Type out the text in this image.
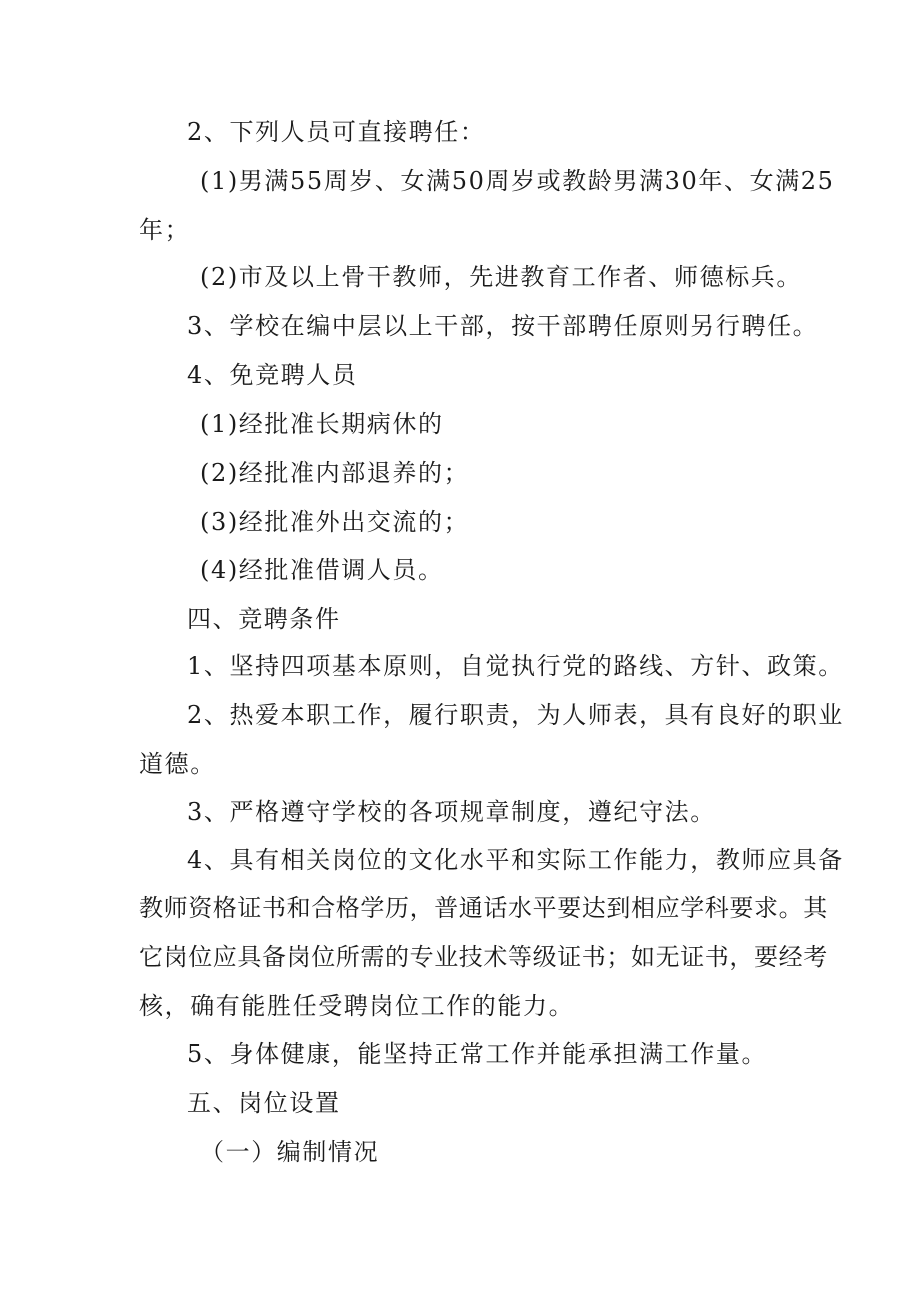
2、下列人员可直接聘任：
(1)男满55周岁、女满50周岁或教龄男满30年、女满25
年；
(2)市及以上骨干教师，先进教育工作者、师德标兵。
3、学校在编中层以上干部，按干部聘任原则另行聘任。
4、免竞聘人员
(1)经批准长期病休的
(2)经批准内部退养的；
(3)经批准外出交流的；
(4)经批准借调人员。
四、竞聘条件
1、坚持四项基本原则，自觉执行党的路线、方针、政策。
2、热爱本职工作，履行职责，为人师表，具有良好的职业
道德。
3、严格遵守学校的各项规章制度，遵纪守法。
4、具有相关岗位的文化水平和实际工作能力，教师应具备
教师资格证书和合格学历，普通话水平要达到相应学科要求。其
它岗位应具备岗位所需的专业技术等级证书；如无证书，要经考
核，确有能胜任受聘岗位工作的能力。
5、身体健康，能坚持正常工作并能承担满工作量。
五、岗位设置
（一）编制情况
